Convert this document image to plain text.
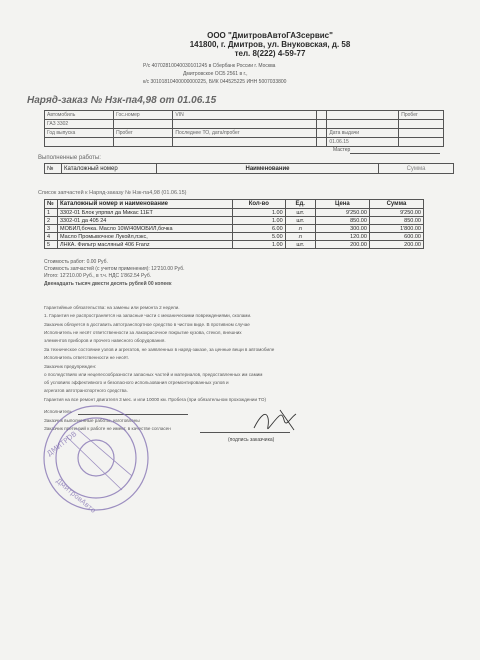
ООО "ДмитровАвтоГАЗсервис"
141800, г. Дмитров, ул. Внуковская, д. 58
тел. 8(222) 4-59-77
Р/с 40702810040030101245 в Сбербанк России г. Москва
Дмитровское ОСБ 2561 в г.,
к/с 30101810400000000225, БИК 044525225 ИНН 5007033800
Наряд-заказ № Нзк-па4,98 от 01.06.15
Автомобиль	Гос.номер	VIN			Пробег
ГАЗ 3302					
Год выпуска	Пробег	Последнее ТО, дата/пробег		Дата выдачи	
				01.06.15	
Мастер
Выполненные работы:
№	Каталожный номер	Наименование	Сумма
Список запчастей к Наряд-заказу № Нзк-па4,98 (01.06.15)
№	Каталожный номер и наименование	Кол-во	Ед.	Цена	Сумма
1	3302-01 Блок упрпвл да Микас 11ЕТ	1.00	шт.	9'250.00	9'250.00
2	3302-01 да 405 24	1.00	шт.	850.00	850.00
3	МОБИЛ,бочка. Масло 10W/40МОБИЛ,бочка	6.00	л	300.00	1'800.00
4	Масло Промывочное Лукойл,пэкс,	5.00	л	120.00	600.00
5	ЛНКА. Фильтр масляный 406 Franz	1.00	шт.	200.00	200.00
Стоимость работ: 0.00 Руб.
Стоимость запчастей (с учетом применения): 12'210.00 Руб.
Итого: 12'210.00 Руб., в т.ч. НДС 1'862.54 Руб.
Двенадцать тысяч двести десять рублей 00 копеек
Гарантийные обязательства: на замены или ремонта 2 недели.
1. Гарантия не распространяется на запасные части с механическими повреждениями, сколами.
Заказчик обязуется в доставить автотранспортное средство в чистом виде. В противном случае
Исполнитель не несёт ответственности за лакокрасочное покрытие кузова, стекол, внешних
элементов приборов и прочего навесного оборудования.
За техническое состояние узлов и агрегатов, не заявленных в наряд-заказе, за ценные вещи в автомобиле
Исполнитель ответственности не несёт.
Заказчик предупрежден:
о последствиях или нецелесообразности запасных частей и материалов, предоставленных им самим
об условиях эффективного и безопасного использования отремонтированных узлов и
агрегатов автотранспортного средства.
Гарантия на все ремонт двигателя 3 мес. и или 10000 км. Пробега (при обязательном прохождении ТО)
Исполнитель
Заказчик выполненные работы, изготовлены
Заказчик претензий к работе не имеет, в качестве согласен
(подпись заказчика)
ДМИТРОВ
ДмитровАвто
